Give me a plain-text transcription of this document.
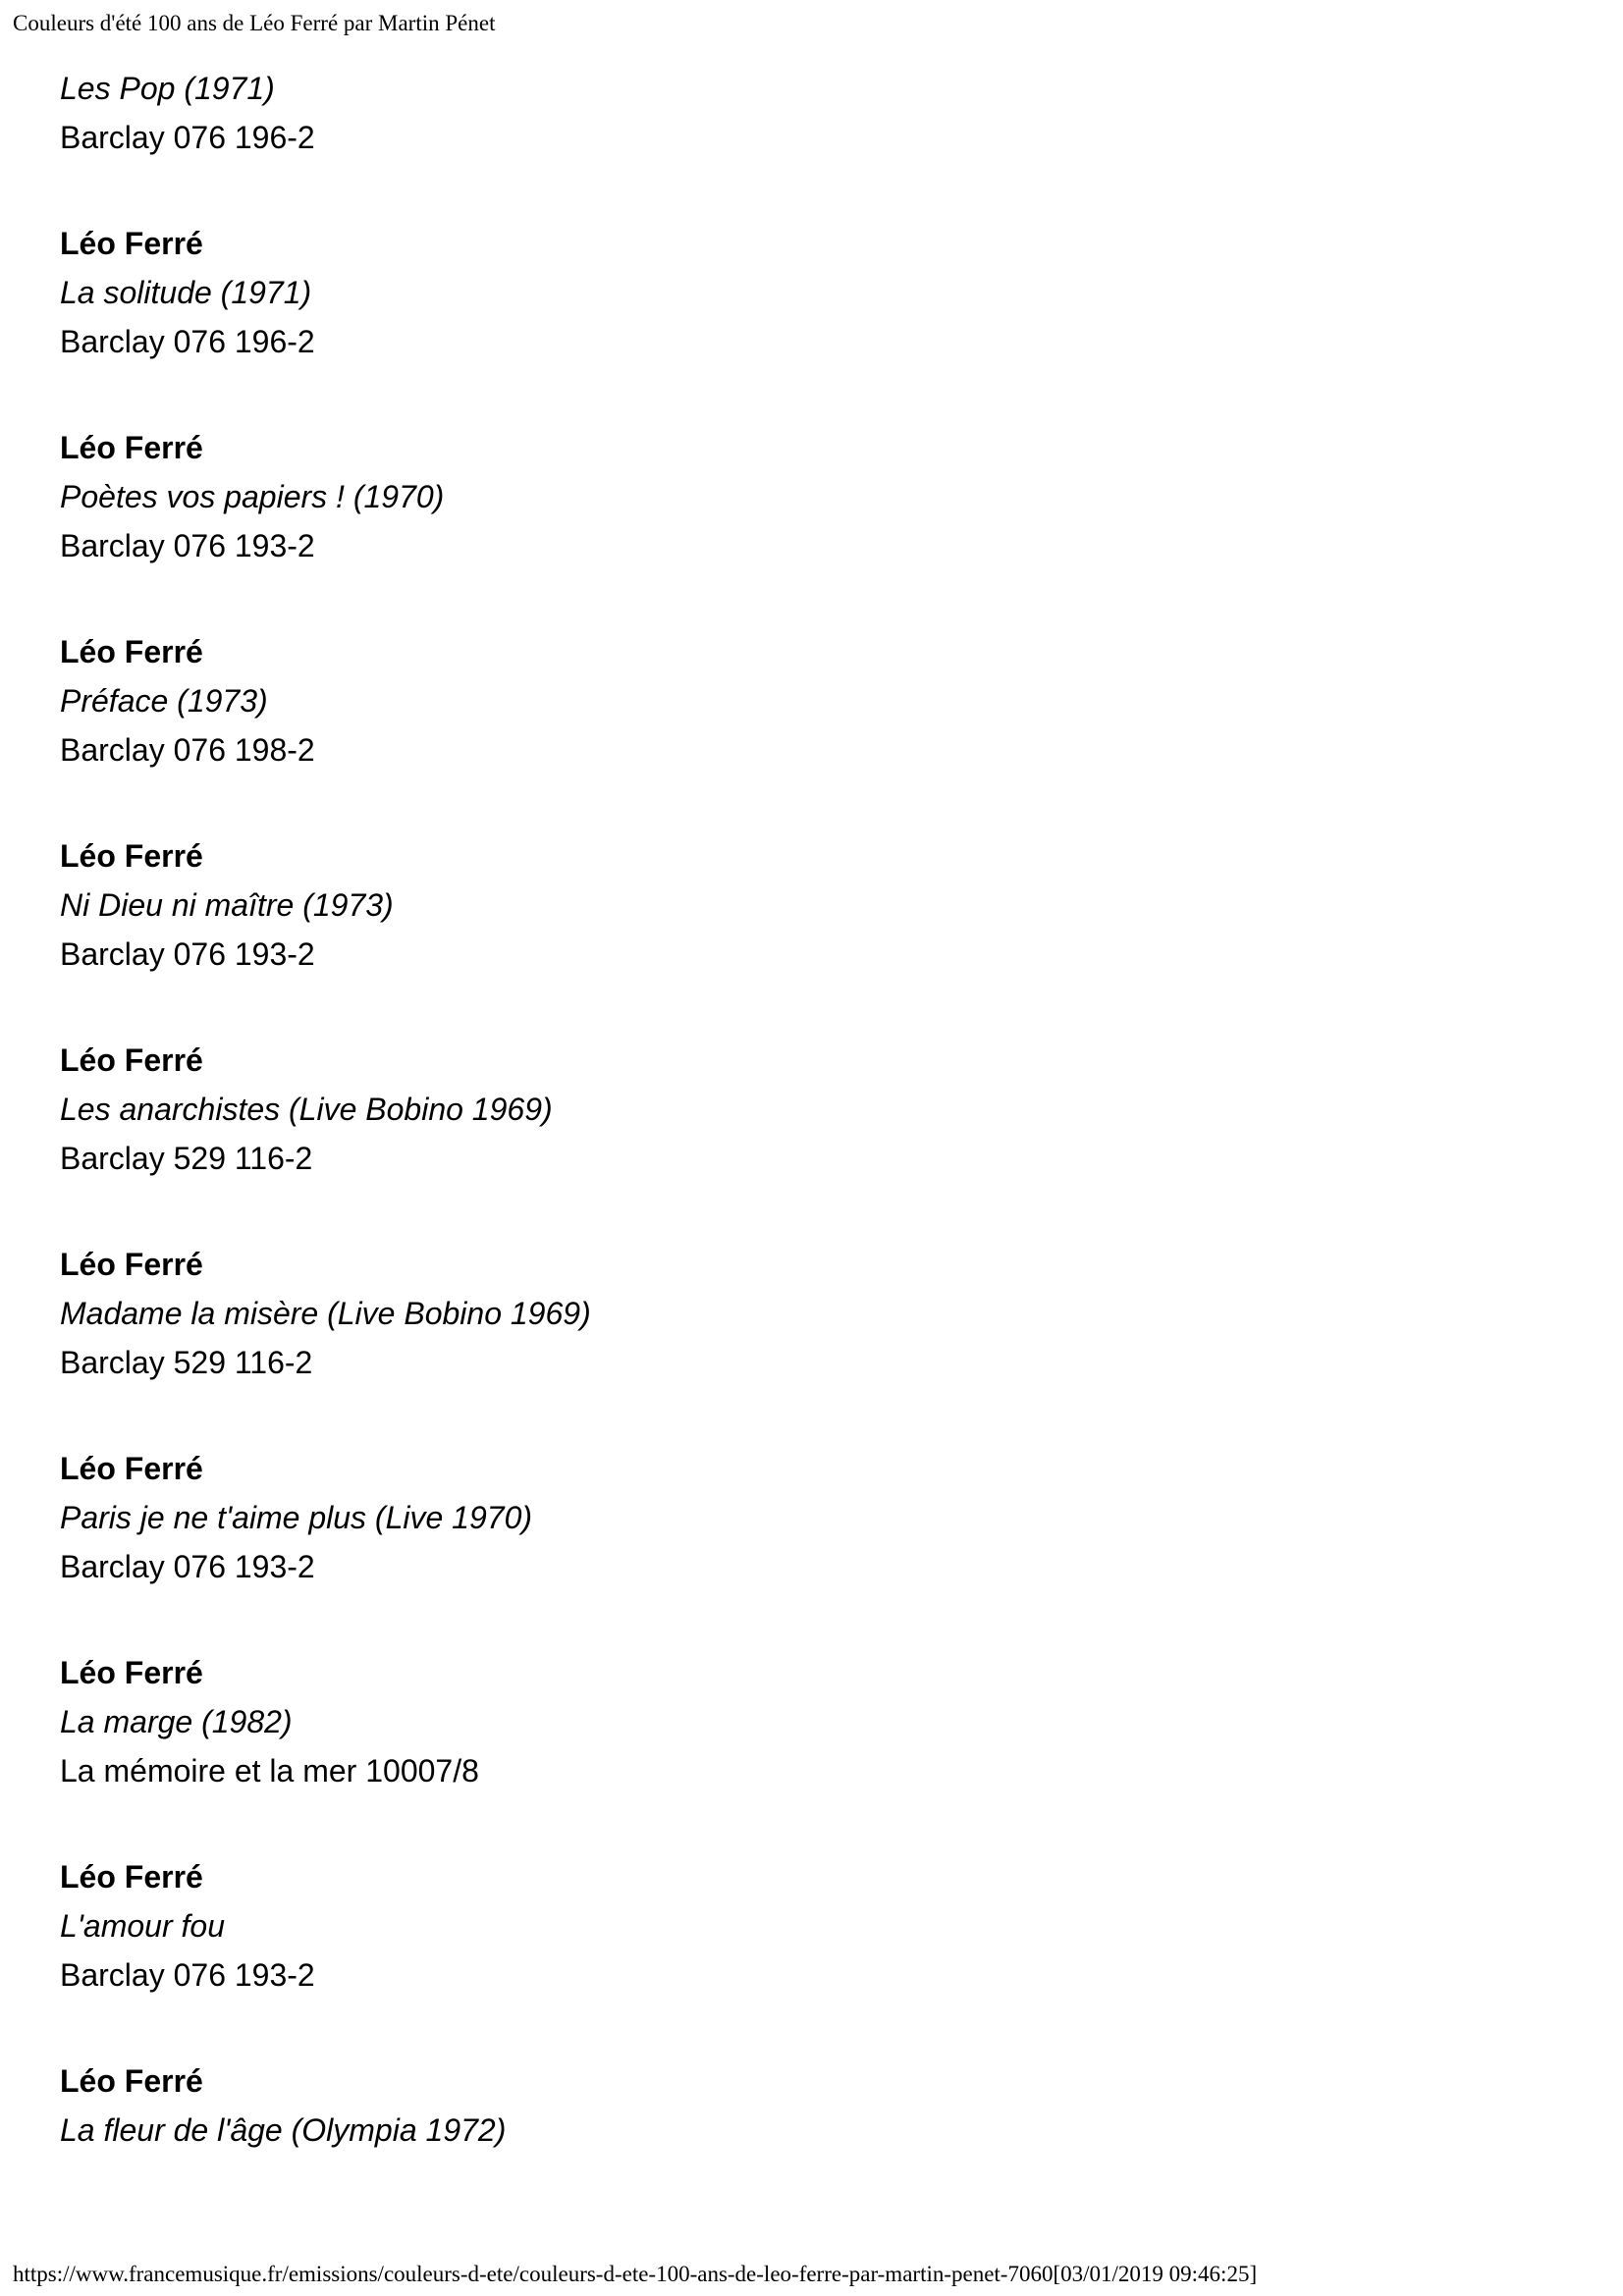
Couleurs d'été 100 ans de Léo Ferré par Martin Pénet

Les Pop (1971)

Barclay 076 196-2

Léo Ferré

La solitude (1971)

Barclay 076 196-2

Léo Ferré

Poètes vos papiers ! (1970)

Barclay 076 193-2

Léo Ferré

Préface (1973)

Barclay 076 198-2

Léo Ferré

Ni Dieu ni maître (1973)

Barclay 076 193-2

Léo Ferré

Les anarchistes (Live Bobino 1969)

Barclay 529 116-2

Léo Ferré

Madame la misère (Live Bobino 1969)

Barclay 529 116-2

Léo Ferré

Paris je ne t'aime plus (Live 1970)

Barclay 076 193-2

Léo Ferré

La marge (1982)

La mémoire et la mer 10007/8

Léo Ferré

L'amour fou

Barclay 076 193-2

Léo Ferré

La fleur de l'âge (Olympia 1972)

https://www.francemusique.fr/emissions/couleurs-d-ete/couleurs-d-ete-100-ans-de-leo-ferre-par-martin-penet-7060[03/01/2019 09:46:25]
